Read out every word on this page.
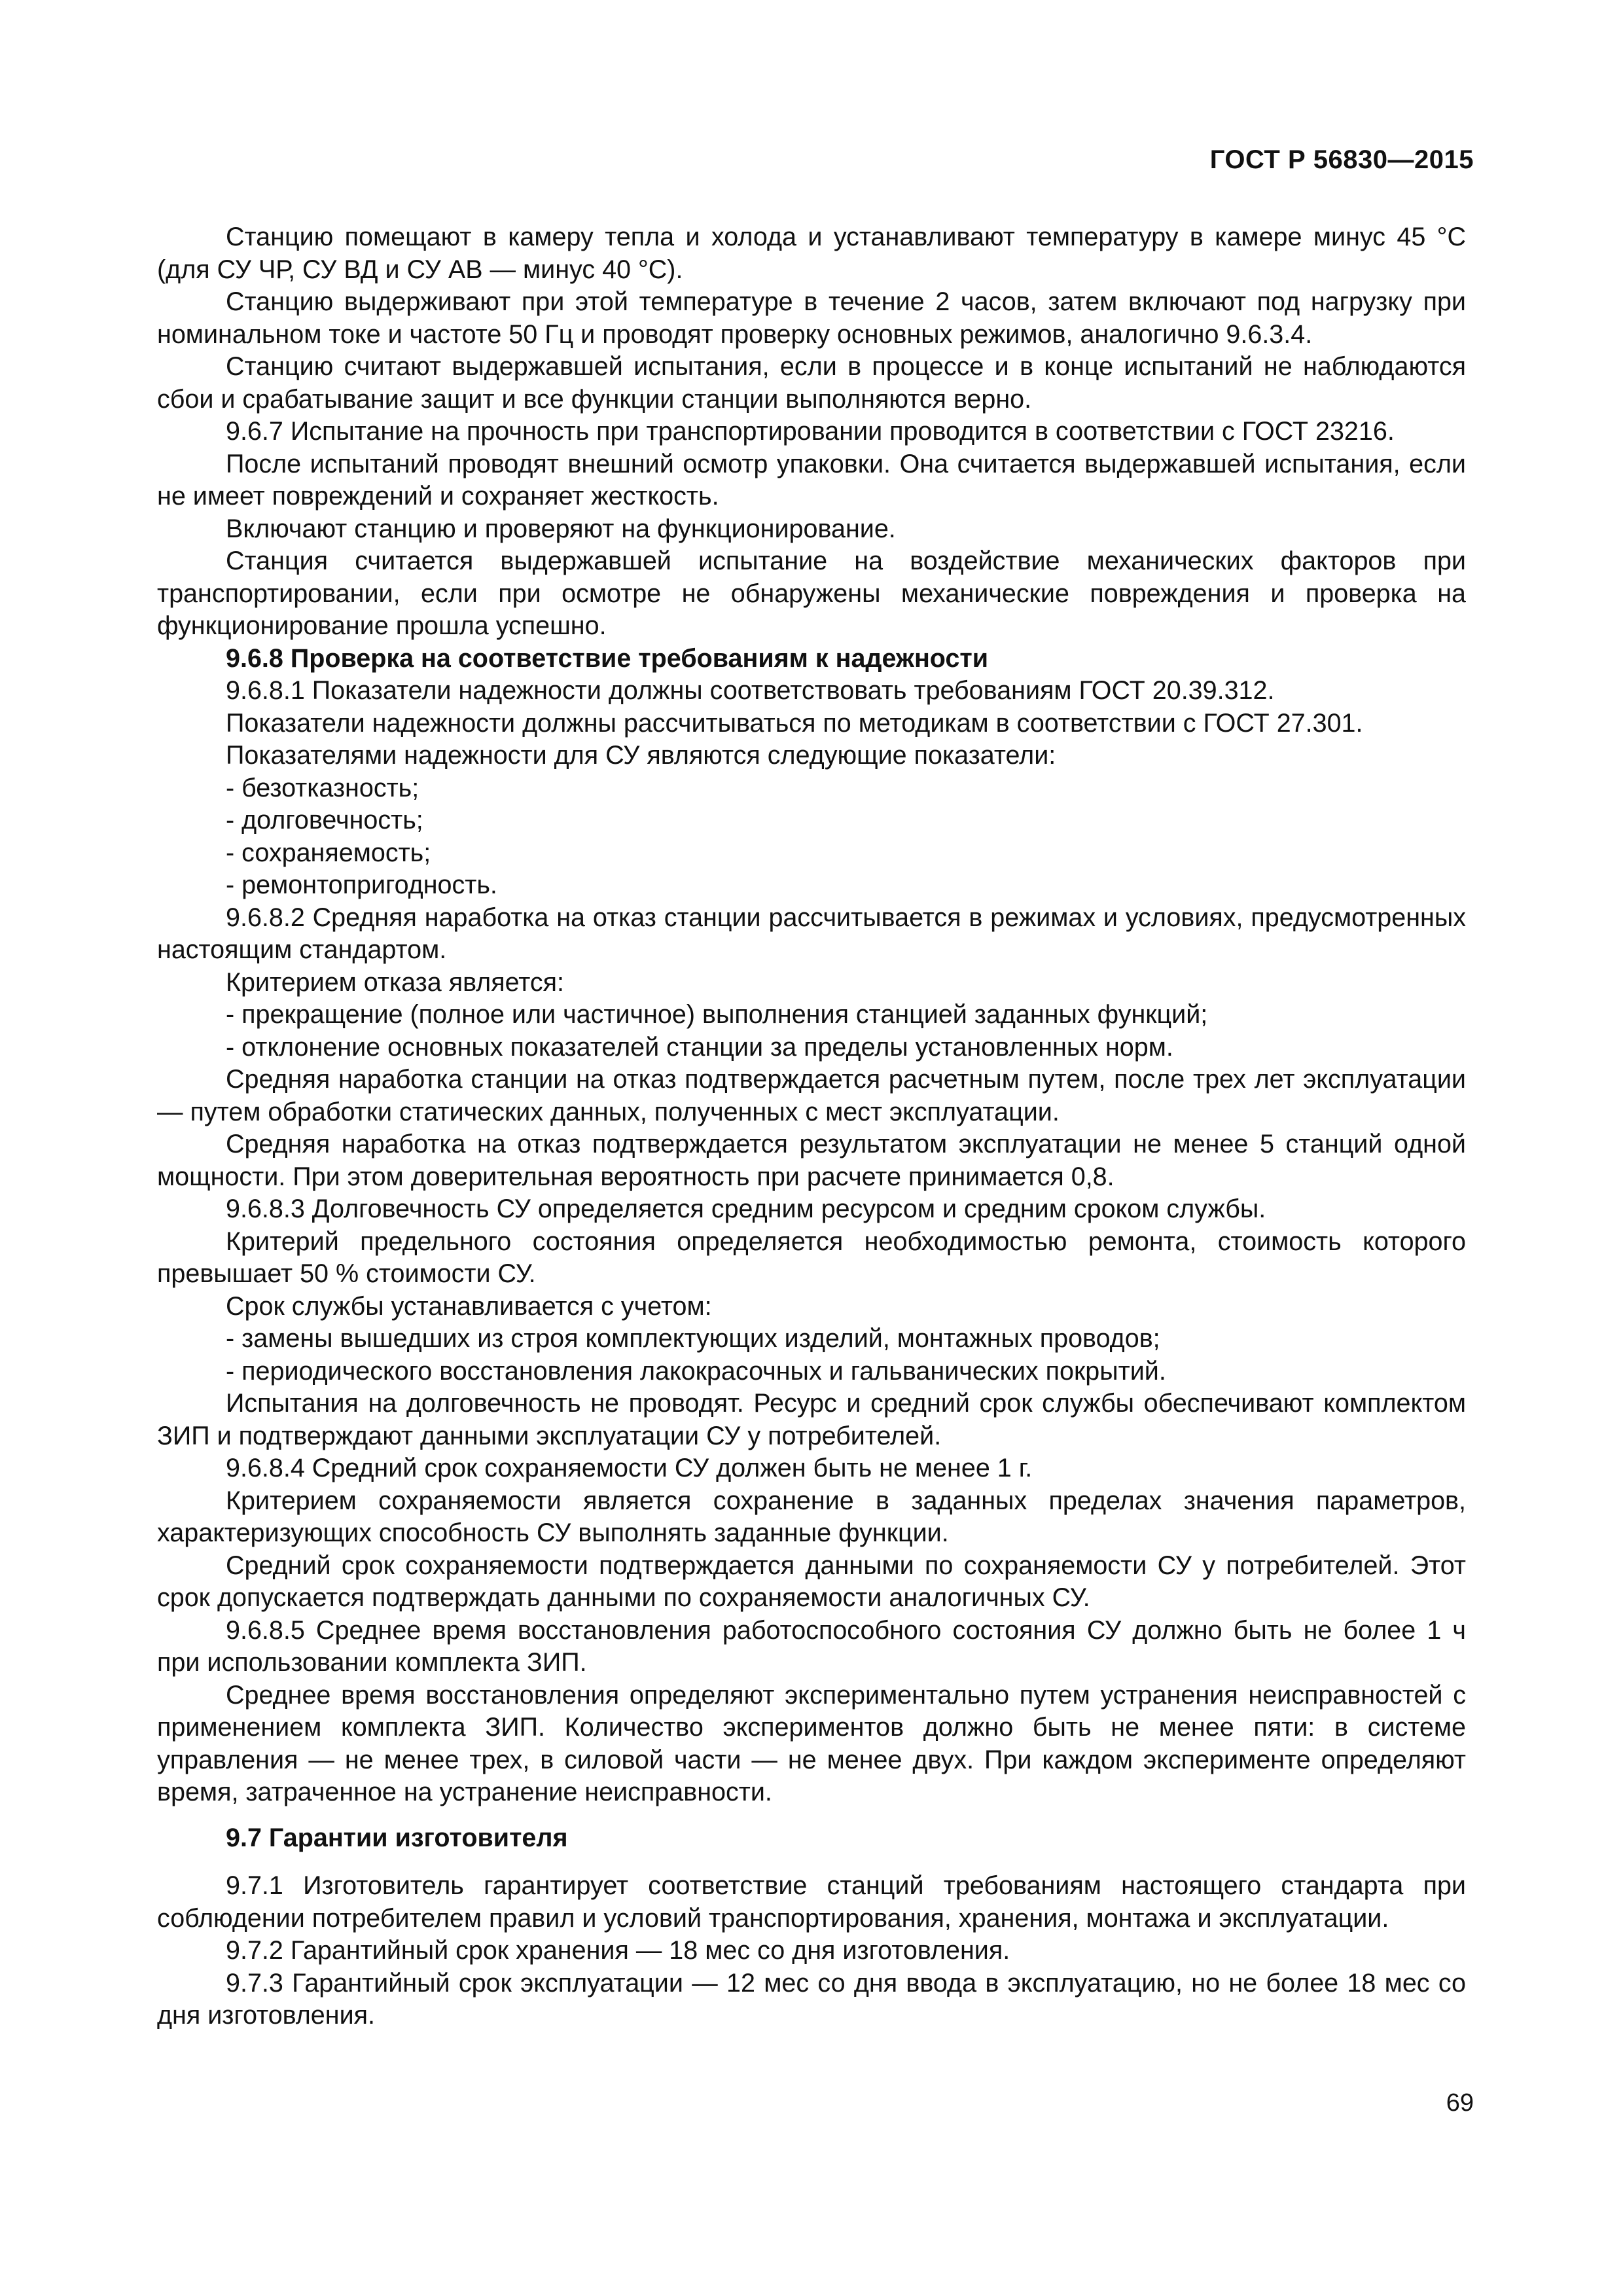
ГОСТ Р 56830—2015

Станцию помещают в камеру тепла и холода и устанавливают температуру в камере минус 45 °С (для СУ ЧР, СУ ВД и СУ АВ — минус 40 °С).

Станцию выдерживают при этой температуре в течение 2 часов, затем включают под нагрузку при номинальном токе и частоте 50 Гц и проводят проверку основных режимов, аналогично 9.6.3.4.

Станцию считают выдержавшей испытания, если в процессе и в конце испытаний не наблюдаются сбои и срабатывание защит и все функции станции выполняются верно.

9.6.7 Испытание на прочность при транспортировании проводится в соответствии с ГОСТ 23216.

После испытаний проводят внешний осмотр упаковки. Она считается выдержавшей испытания, если не имеет повреждений и сохраняет жесткость.

Включают станцию и проверяют на функционирование.

Станция считается выдержавшей испытание на воздействие механических факторов при транспортировании, если при осмотре не обнаружены механические повреждения и проверка на функционирование прошла успешно.

9.6.8 Проверка на соответствие требованиям к надежности

9.6.8.1 Показатели надежности должны соответствовать требованиям ГОСТ 20.39.312.

Показатели надежности должны рассчитываться по методикам в соответствии с ГОСТ 27.301.

Показателями надежности для СУ являются следующие показатели:

- безотказность;
- долговечность;
- сохраняемость;
- ремонтопригодность.

9.6.8.2 Средняя наработка на отказ станции рассчитывается в режимах и условиях, предусмотренных настоящим стандартом.

Критерием отказа является:

- прекращение (полное или частичное) выполнения станцией заданных функций;
- отклонение основных показателей станции за пределы установленных норм.

Средняя наработка станции на отказ подтверждается расчетным путем, после трех лет эксплуатации — путем обработки статических данных, полученных с мест эксплуатации.

Средняя наработка на отказ подтверждается результатом эксплуатации не менее 5 станций одной мощности. При этом доверительная вероятность при расчете принимается 0,8.

9.6.8.3 Долговечность СУ определяется средним ресурсом и средним сроком службы.

Критерий предельного состояния определяется необходимостью ремонта, стоимость которого превышает 50 % стоимости СУ.

Срок службы устанавливается с учетом:

- замены вышедших из строя комплектующих изделий, монтажных проводов;
- периодического восстановления лакокрасочных и гальванических покрытий.

Испытания на долговечность не проводят. Ресурс и средний срок службы обеспечивают комплектом ЗИП и подтверждают данными эксплуатации СУ у потребителей.

9.6.8.4 Средний срок сохраняемости СУ должен быть не менее 1 г.

Критерием сохраняемости является сохранение в заданных пределах значения параметров, характеризующих способность СУ выполнять заданные функции.

Средний срок сохраняемости подтверждается данными по сохраняемости СУ у потребителей. Этот срок допускается подтверждать данными по сохраняемости аналогичных СУ.

9.6.8.5 Среднее время восстановления работоспособного состояния СУ должно быть не более 1 ч при использовании комплекта ЗИП.

Среднее время восстановления определяют экспериментально путем устранения неисправностей с применением комплекта ЗИП. Количество экспериментов должно быть не менее пяти: в системе управления — не менее трех, в силовой части — не менее двух. При каждом эксперименте определяют время, затраченное на устранение неисправности.

9.7 Гарантии изготовителя

9.7.1 Изготовитель гарантирует соответствие станций требованиям настоящего стандарта при соблюдении потребителем правил и условий транспортирования, хранения, монтажа и эксплуатации.

9.7.2 Гарантийный срок хранения — 18 мес со дня изготовления.

9.7.3 Гарантийный срок эксплуатации — 12 мес со дня ввода в эксплуатацию, но не более 18 мес со дня изготовления.

69
